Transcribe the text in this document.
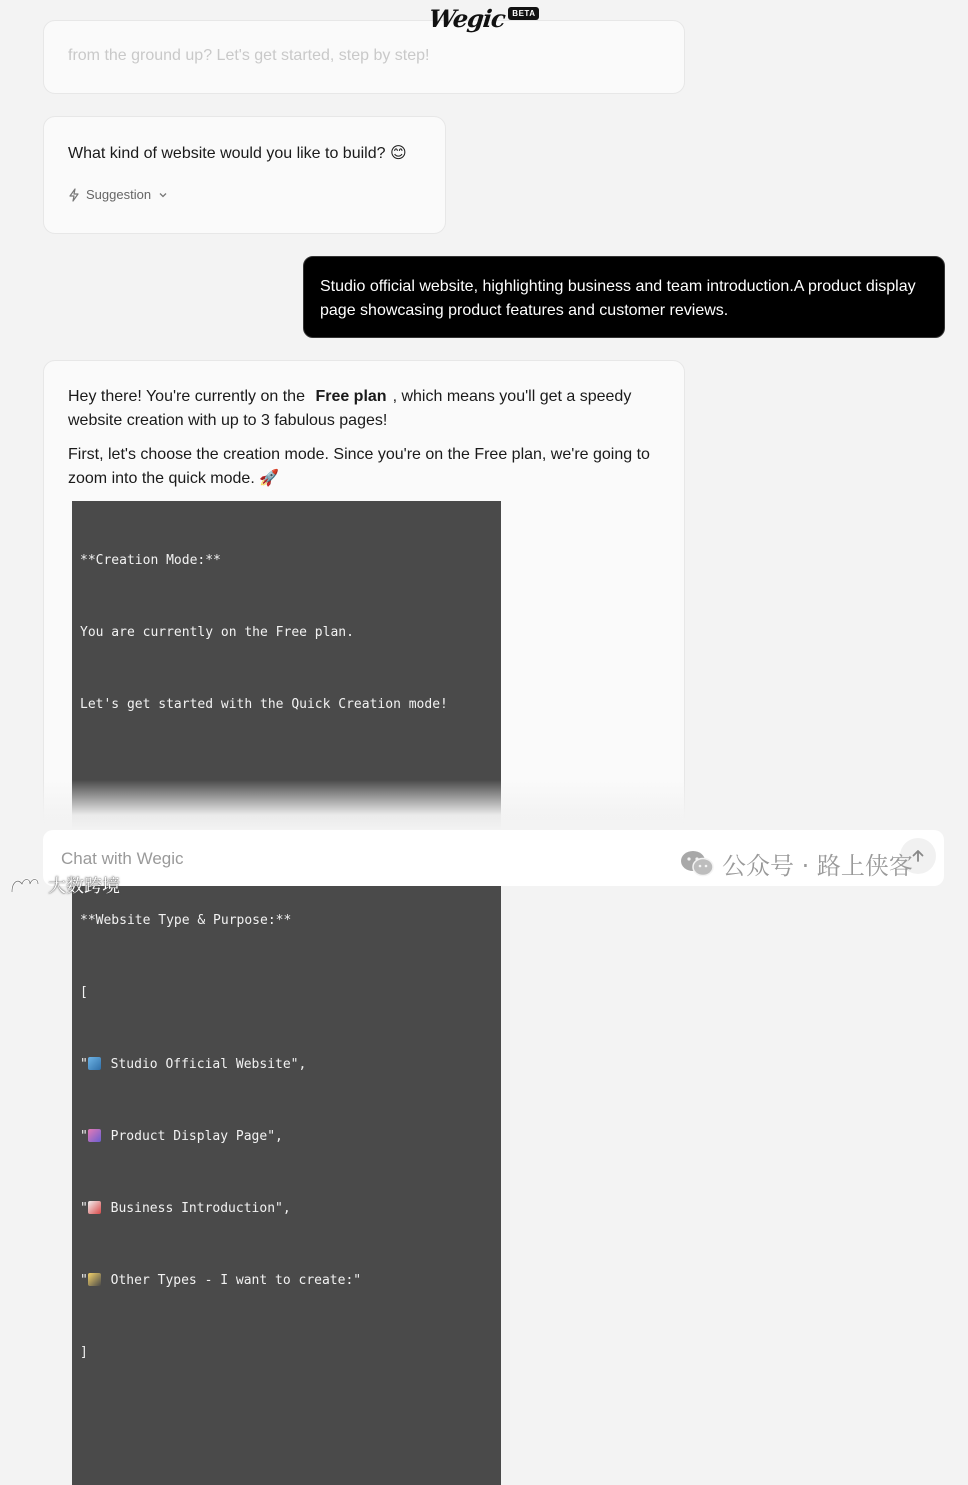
Wegic BETA
from the ground up? Let's get started, step by step!
What kind of website would you like to build? 😊
Suggestion
Studio official website, highlighting business and team introduction.A product display page showcasing product features and customer reviews.

Hey there! You're currently on the Free plan , which means you'll get a speedy website creation with up to 3 fabulous pages!

First, let's choose the creation mode. Since you're on the Free plan, we're going to zoom into the quick mode. 🚀

**Creation Mode:**

You are currently on the Free plan.

Let's get started with the Quick Creation mode!

**Website Type & Purpose:**

[

" Studio Official Website",

" Product Display Page",

" Business Introduction",

" Other Types - I want to create:"

]

Chat with Wegic
公众号 · 路上侠客
大数跨境
